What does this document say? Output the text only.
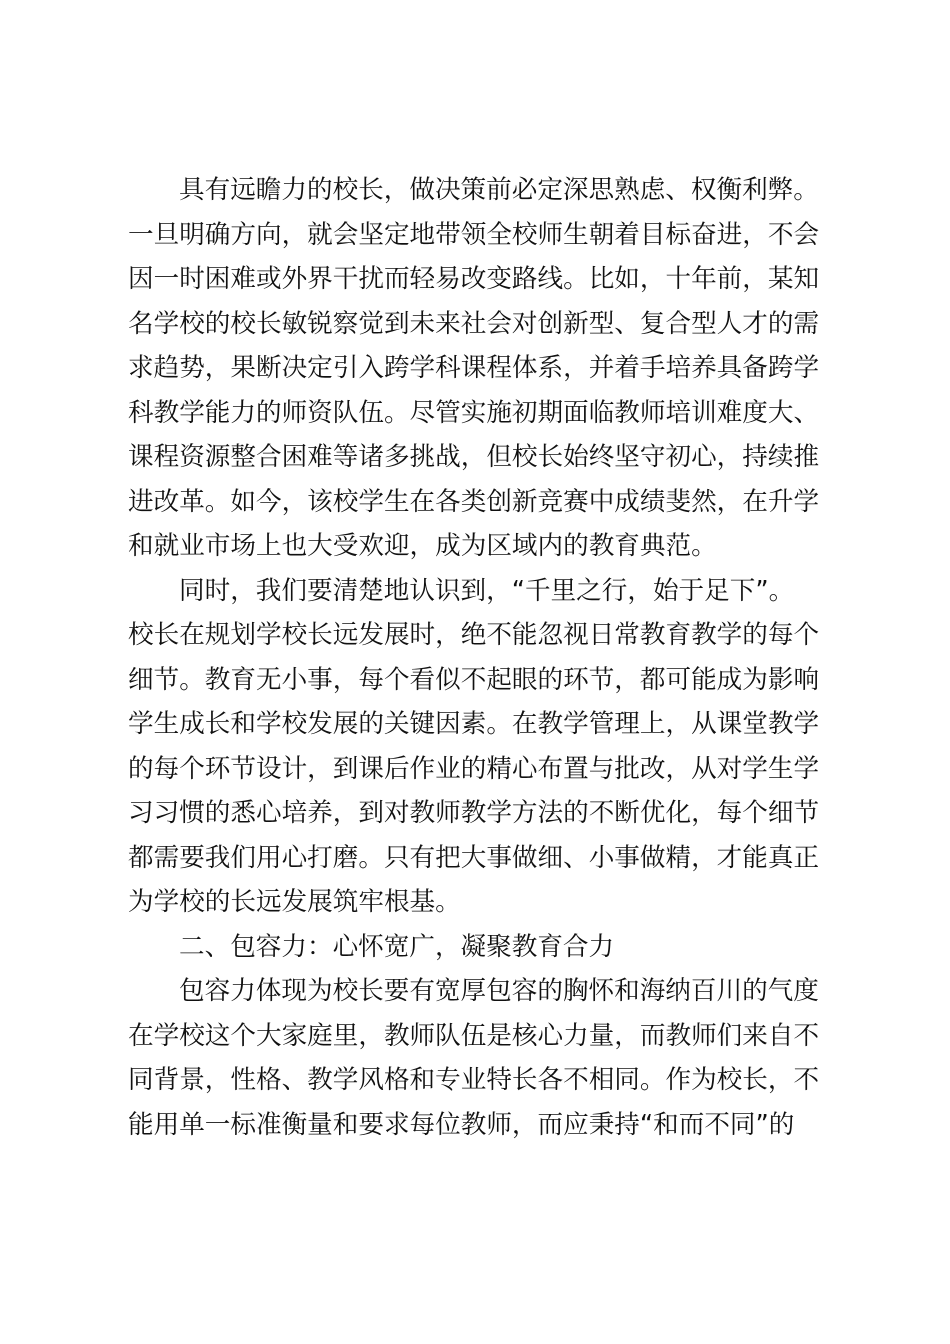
具有远瞻力的校长，做决策前必定深思熟虑、权衡利弊。
一旦明确方向，就会坚定地带领全校师生朝着目标奋进，不会
因一时困难或外界干扰而轻易改变路线。比如，十年前，某知
名学校的校长敏锐察觉到未来社会对创新型、复合型人才的需
求趋势，果断决定引入跨学科课程体系，并着手培养具备跨学
科教学能力的师资队伍。尽管实施初期面临教师培训难度大、
课程资源整合困难等诸多挑战，但校长始终坚守初心，持续推
进改革。如今，该校学生在各类创新竞赛中成绩斐然，在升学
和就业市场上也大受欢迎，成为区域内的教育典范。
同时，我们要清楚地认识到，“千里之行，始于足下”。
校长在规划学校长远发展时，绝不能忽视日常教育教学的每个
细节。教育无小事，每个看似不起眼的环节，都可能成为影响
学生成长和学校发展的关键因素。在教学管理上，从课堂教学
的每个环节设计，到课后作业的精心布置与批改，从对学生学
习习惯的悉心培养，到对教师教学方法的不断优化，每个细节
都需要我们用心打磨。只有把大事做细、小事做精，才能真正
为学校的长远发展筑牢根基。
二、包容力：心怀宽广，凝聚教育合力
包容力体现为校长要有宽厚包容的胸怀和海纳百川的气度
在学校这个大家庭里，教师队伍是核心力量，而教师们来自不
同背景，性格、教学风格和专业特长各不相同。作为校长，不
能用单一标准衡量和要求每位教师，而应秉持“和而不同”的
